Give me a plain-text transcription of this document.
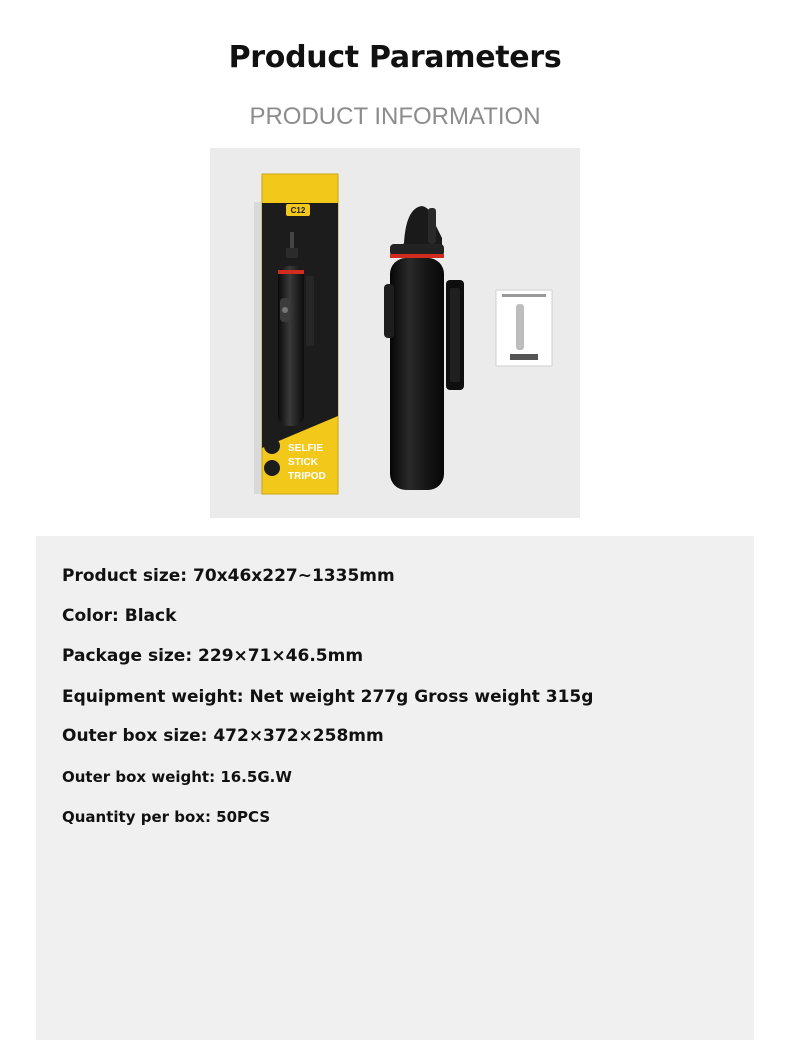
Product Parameters
PRODUCT INFORMATION
C12
SELFIE
STICK
TRIPOD
Product size: 70x46x227~1335mm
Color: Black
Package size: 229×71×46.5mm
Equipment weight: Net weight 277g Gross weight 315g
Outer box size: 472×372×258mm
Outer box weight: 16.5G.W
Quantity per box: 50PCS
